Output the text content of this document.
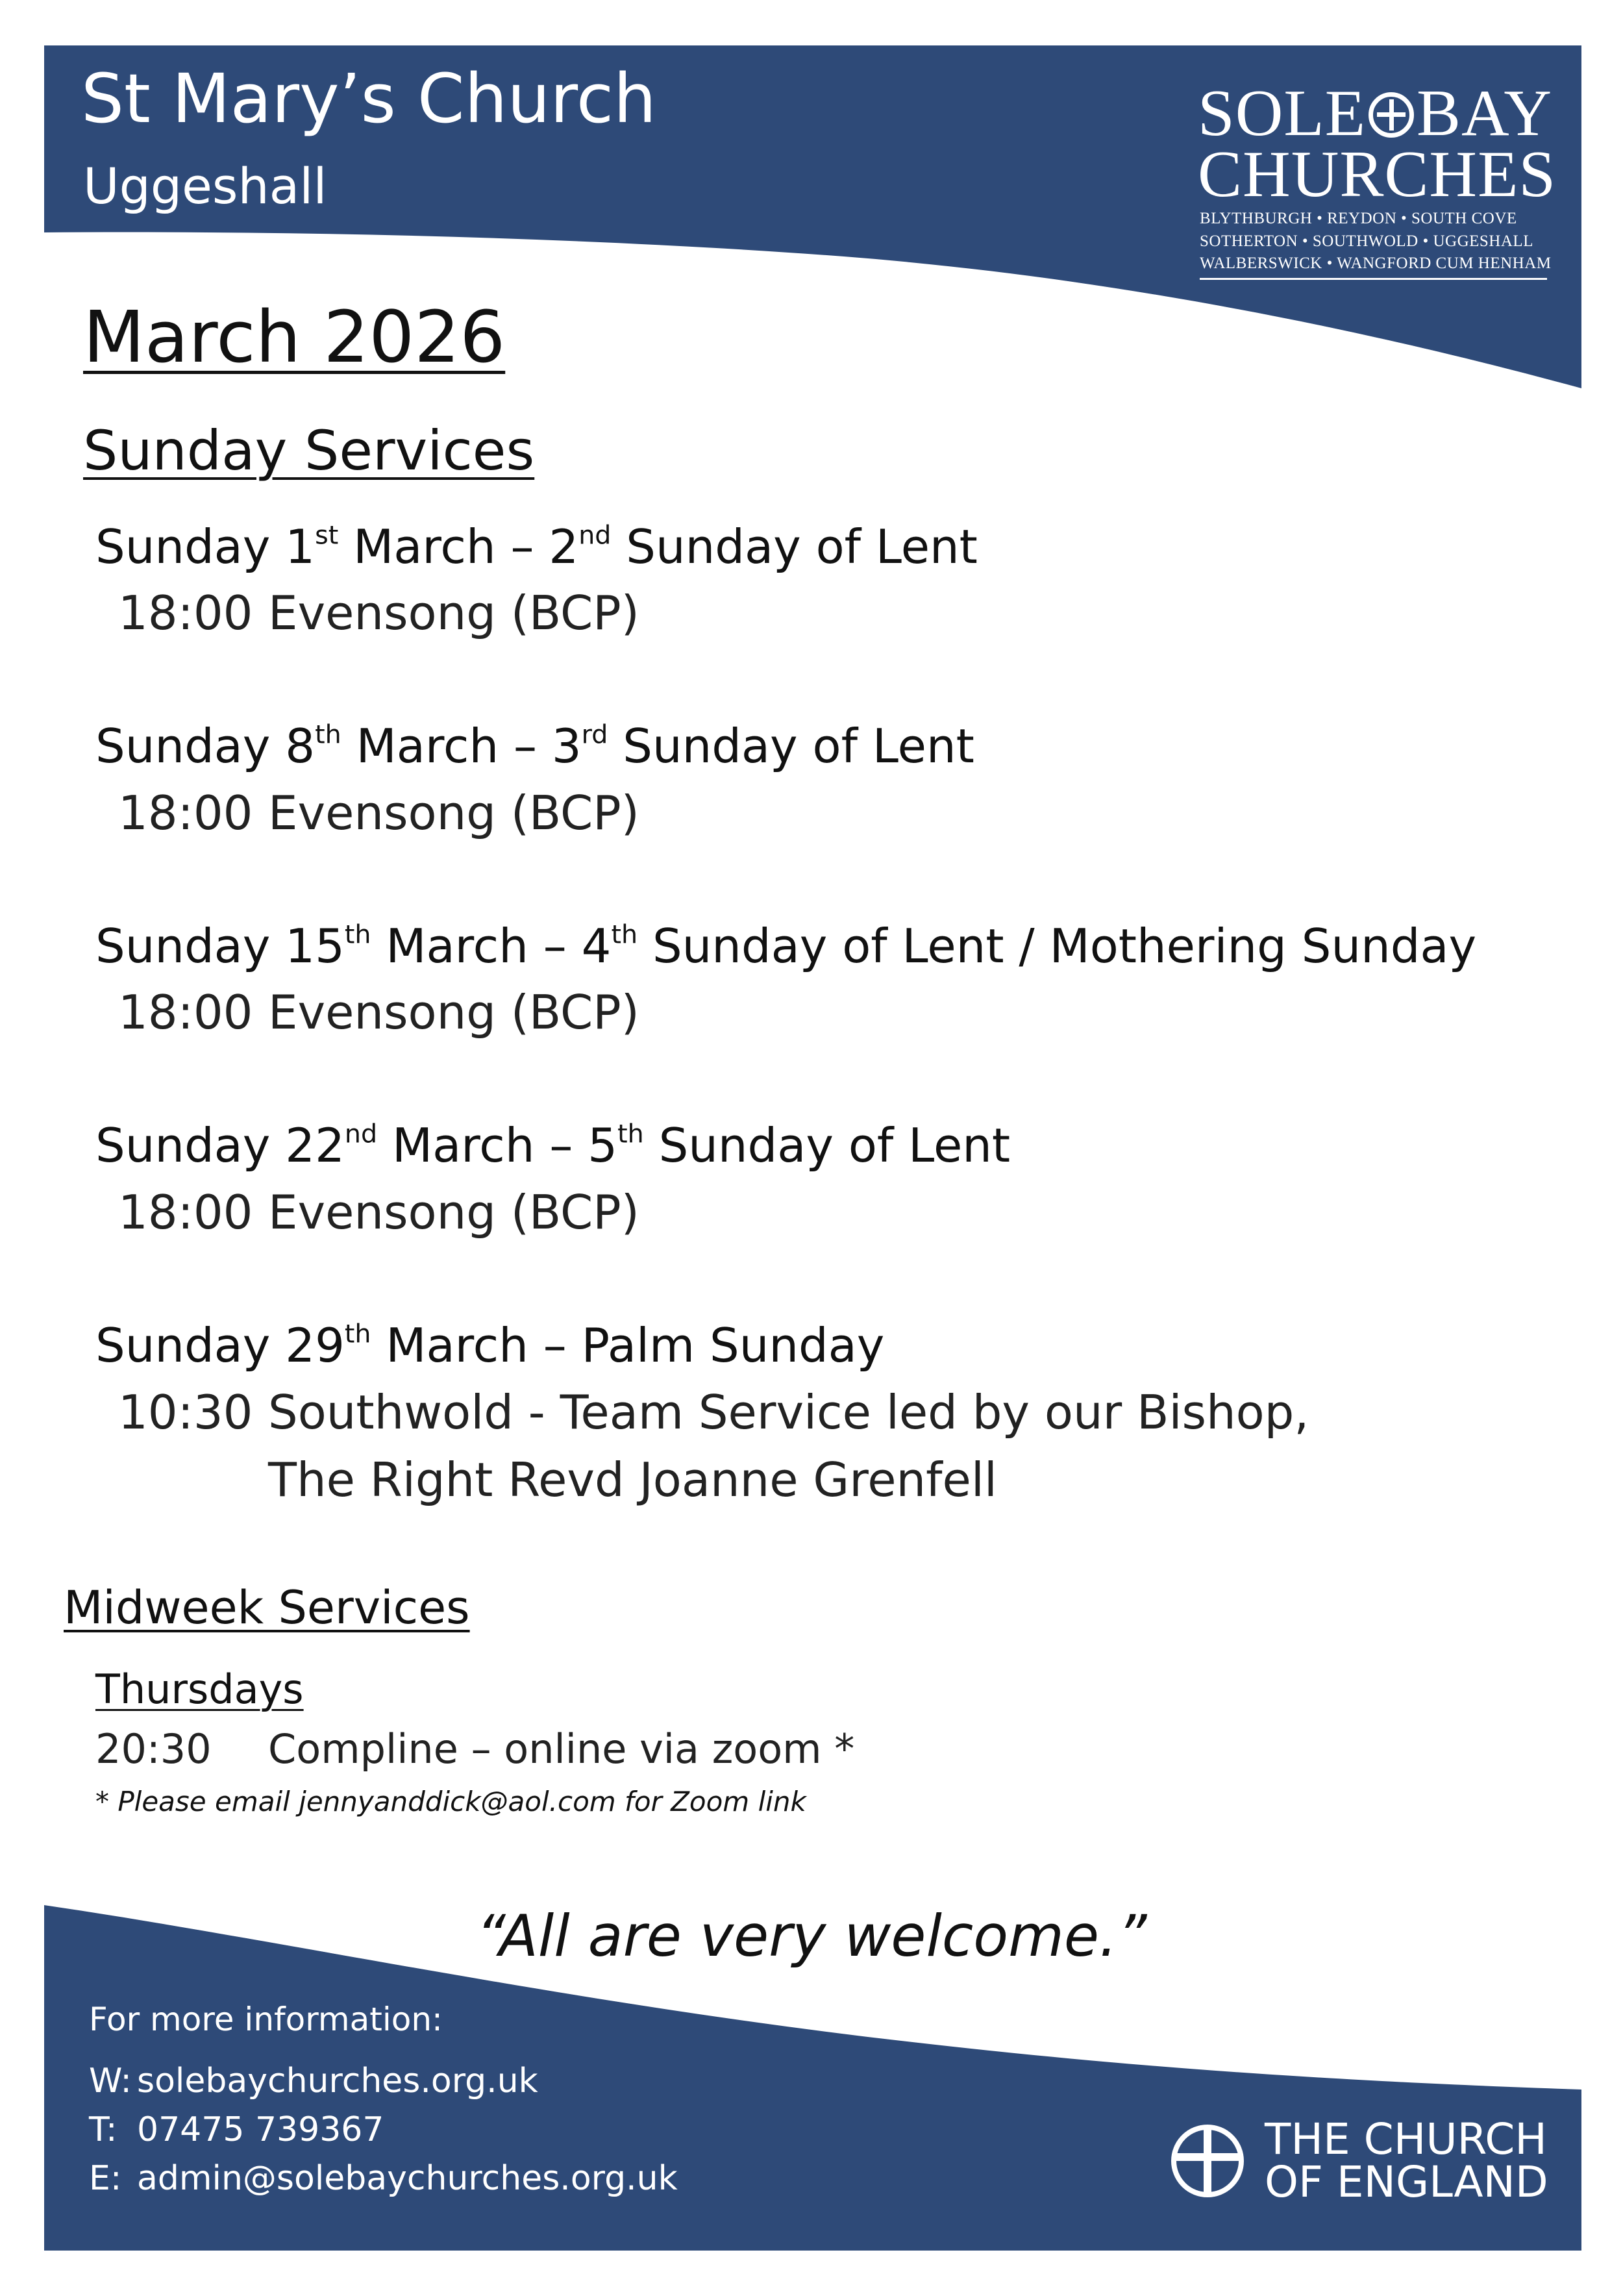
St Mary’s Church
Uggeshall
SOLE BAY
CHURCHES
BLYTHBURGH • REYDON • SOUTH COVE
SOTHERTON • SOUTHWOLD • UGGESHALL
WALBERSWICK • WANGFORD CUM HENHAM
March 2026
Sunday Services
Sunday 1st March – 2nd Sunday of Lent
18:00 Evensong (BCP)
Sunday 8th March – 3rd Sunday of Lent
18:00 Evensong (BCP)
Sunday 15th March – 4th Sunday of Lent / Mothering Sunday
18:00 Evensong (BCP)
Sunday 22nd March – 5th Sunday of Lent
18:00 Evensong (BCP)
Sunday 29th March – Palm Sunday
10:30 Southwold - Team Service led by our Bishop,
The Right Revd Joanne Grenfell
Midweek Services
Thursdays
20:30 Compline – online via zoom *
* Please email jennyanddick@aol.com for Zoom link
“All are very welcome.”
For more information:
W: solebaychurches.org.uk
T: 07475 739367
E: admin@solebaychurches.org.uk
THE CHURCH
OF ENGLAND
